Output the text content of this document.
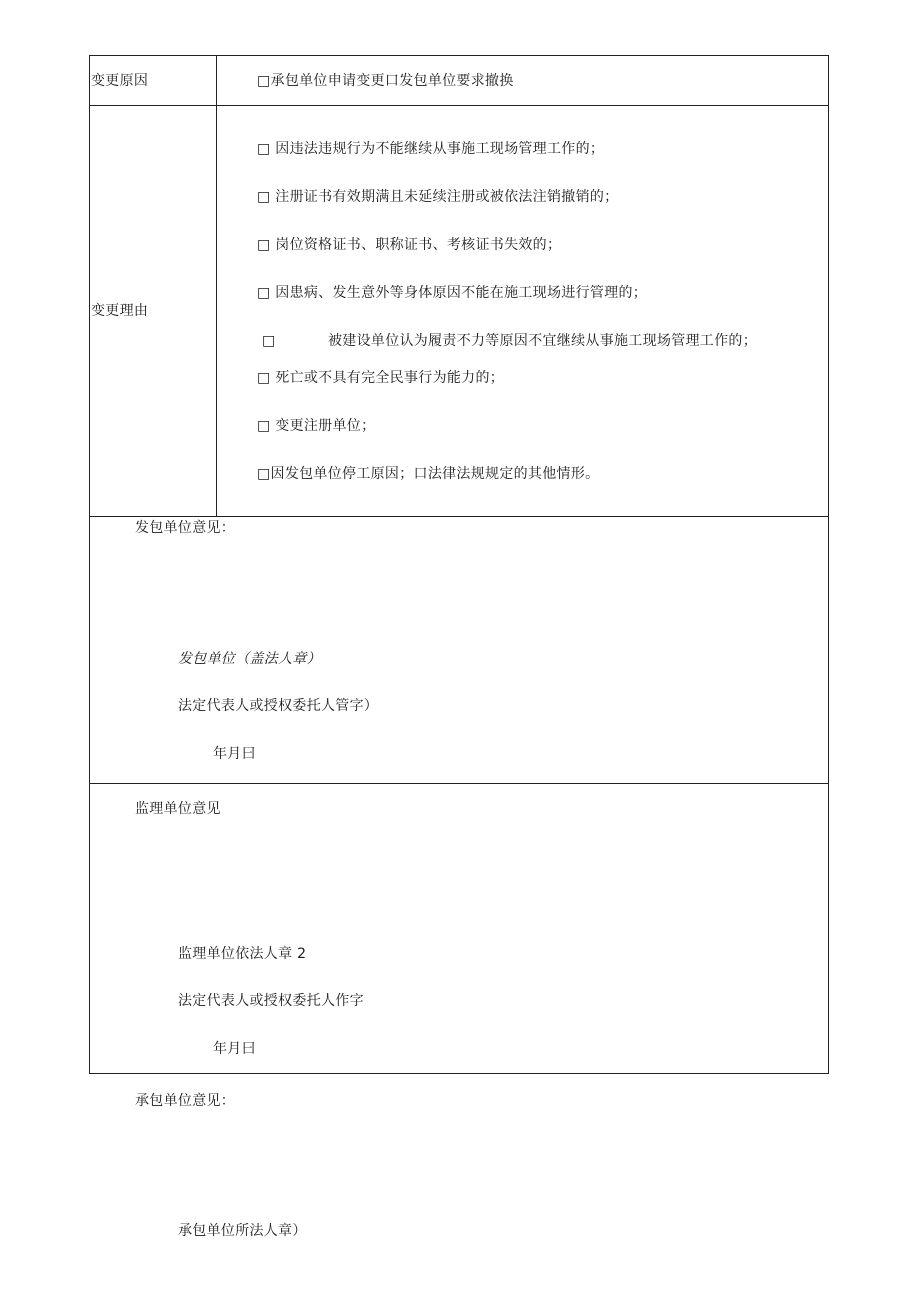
变更原因	□承包单位申请变更口发包单位要求撤换
变更理由
□ 因违法违规行为不能继续从事施工现场管理工作的；
□ 注册证书有效期满且未延续注册或被依法注销撤销的；
□ 岗位资格证书、职称证书、考核证书失效的；
□ 因患病、发生意外等身体原因不能在施工现场进行管理的；
□	被建设单位认为履责不力等原因不宜继续从事施工现场管理工作的；
□ 死亡或不具有完全民事行为能力的；
□ 变更注册单位；
□因发包单位停工原因；口法律法规规定的其他情形。
发包单位意见：
发包单位（盖法人章）
法定代表人或授权委托人管字）
年月曰
监理单位意见
监理单位依法人章 2
法定代表人或授权委托人作字
年月曰
承包单位意见：
承包单位所法人章）
